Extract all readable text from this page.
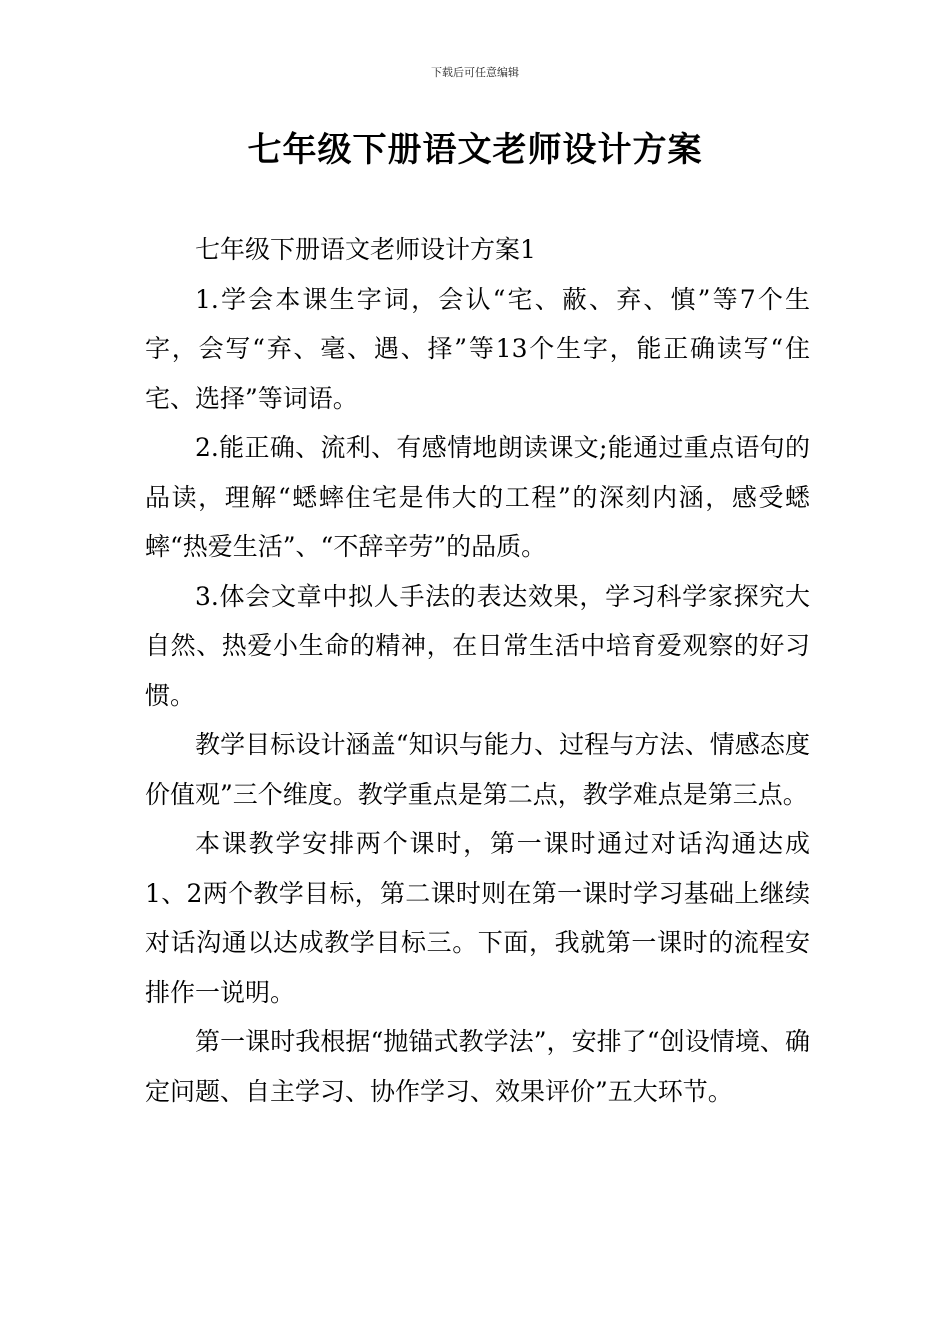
下载后可任意编辑
七年级下册语文老师设计方案

七年级下册语文老师设计方案1

1.学会本课生字词，会认“宅、蔽、弃、慎”等7个生字，会写“弃、毫、遇、择”等13个生字，能正确读写“住宅、选择”等词语。

2.能正确、流利、有感情地朗读课文;能通过重点语句的品读，理解“蟋蟀住宅是伟大的工程”的深刻内涵，感受蟋蟀“热爱生活”、“不辞辛劳”的品质。

3.体会文章中拟人手法的表达效果，学习科学家探究大自然、热爱小生命的精神，在日常生活中培育爱观察的好习惯。

教学目标设计涵盖“知识与能力、过程与方法、情感态度价值观”三个维度。教学重点是第二点，教学难点是第三点。

本课教学安排两个课时，第一课时通过对话沟通达成1、2两个教学目标，第二课时则在第一课时学习基础上继续对话沟通以达成教学目标三。下面，我就第一课时的流程安排作一说明。

第一课时我根据“抛锚式教学法”，安排了“创设情境、确定问题、自主学习、协作学习、效果评价”五大环节。
